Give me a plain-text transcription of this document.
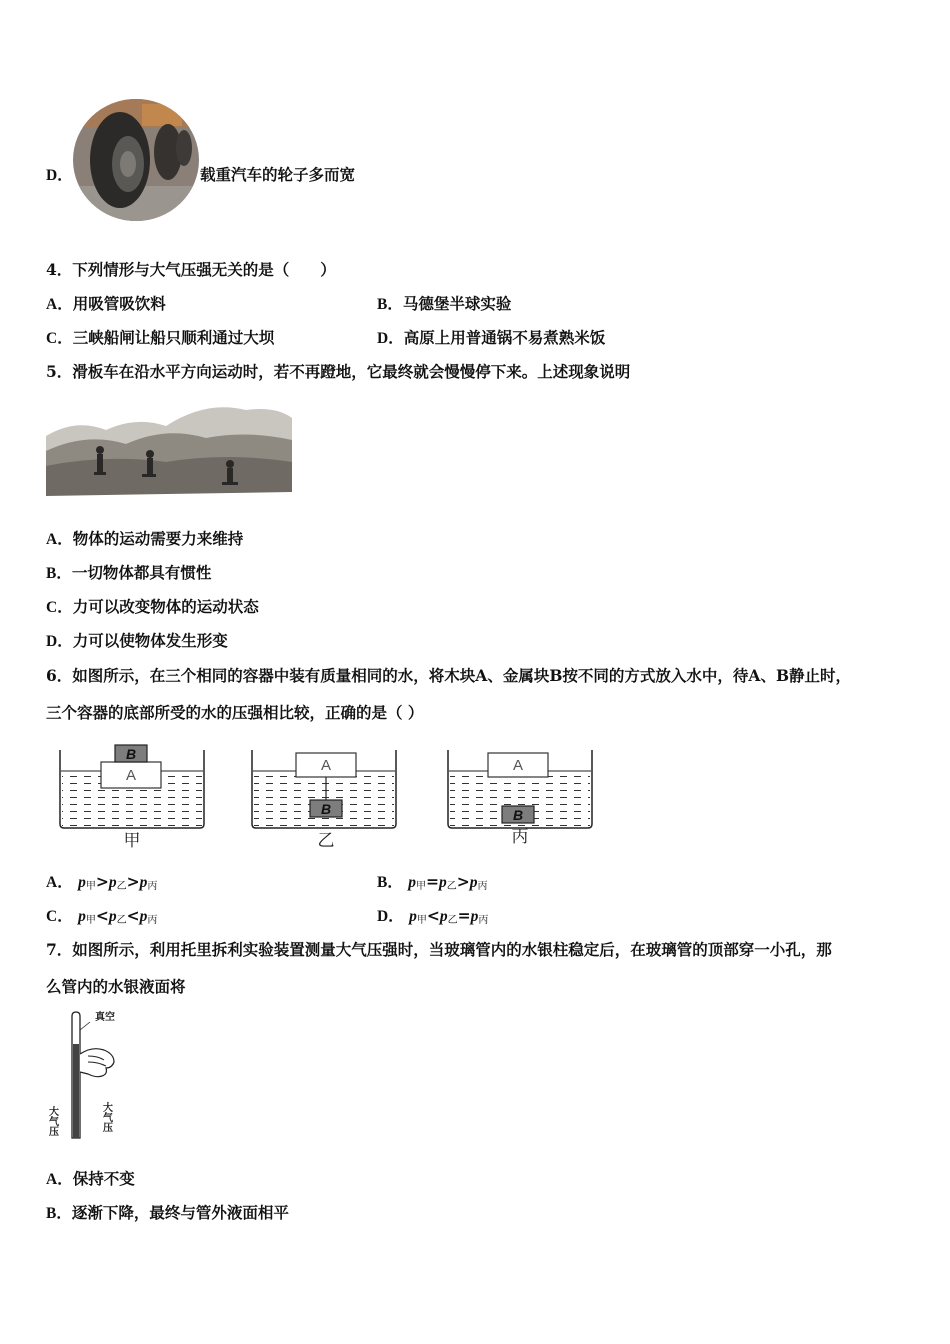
D．	载重汽车的轮子多而宽
4．下列情形与大气压强无关的是（　　）
A．用吸管吸饮料	B．马德堡半球实验
C．三峡船闸让船只顺利通过大坝	D．高原上用普通锅不易煮熟米饭
5．滑板车在沿水平方向运动时，若不再蹬地，它最终就会慢慢停下来。上述现象说明
A．物体的运动需要力来维持
B．一切物体都具有惯性
C．力可以改变物体的运动状态
D．力可以使物体发生形变
6．如图所示，在三个相同的容器中装有质量相同的水，将木块A、金属块B按不同的方式放入水中，待A、B静止时，
三个容器的底部所受的水的压强相比较，正确的是（ ）
A
B
甲
A
B
乙
A
B
丙
A． $p_甲>p_乙>p_丙$	B． $p_甲=p_乙>p_丙$
C． $p_甲<p_乙<p_丙$	D． $p_甲<p_乙=p_丙$
7．如图所示，利用托里拆利实验装置测量大气压强时，当玻璃管内的水银柱稳定后，在玻璃管的顶部穿一小孔，那
么管内的水银液面将
真空
大气压	大气压
A．保持不变
B．逐渐下降，最终与管外液面相平
